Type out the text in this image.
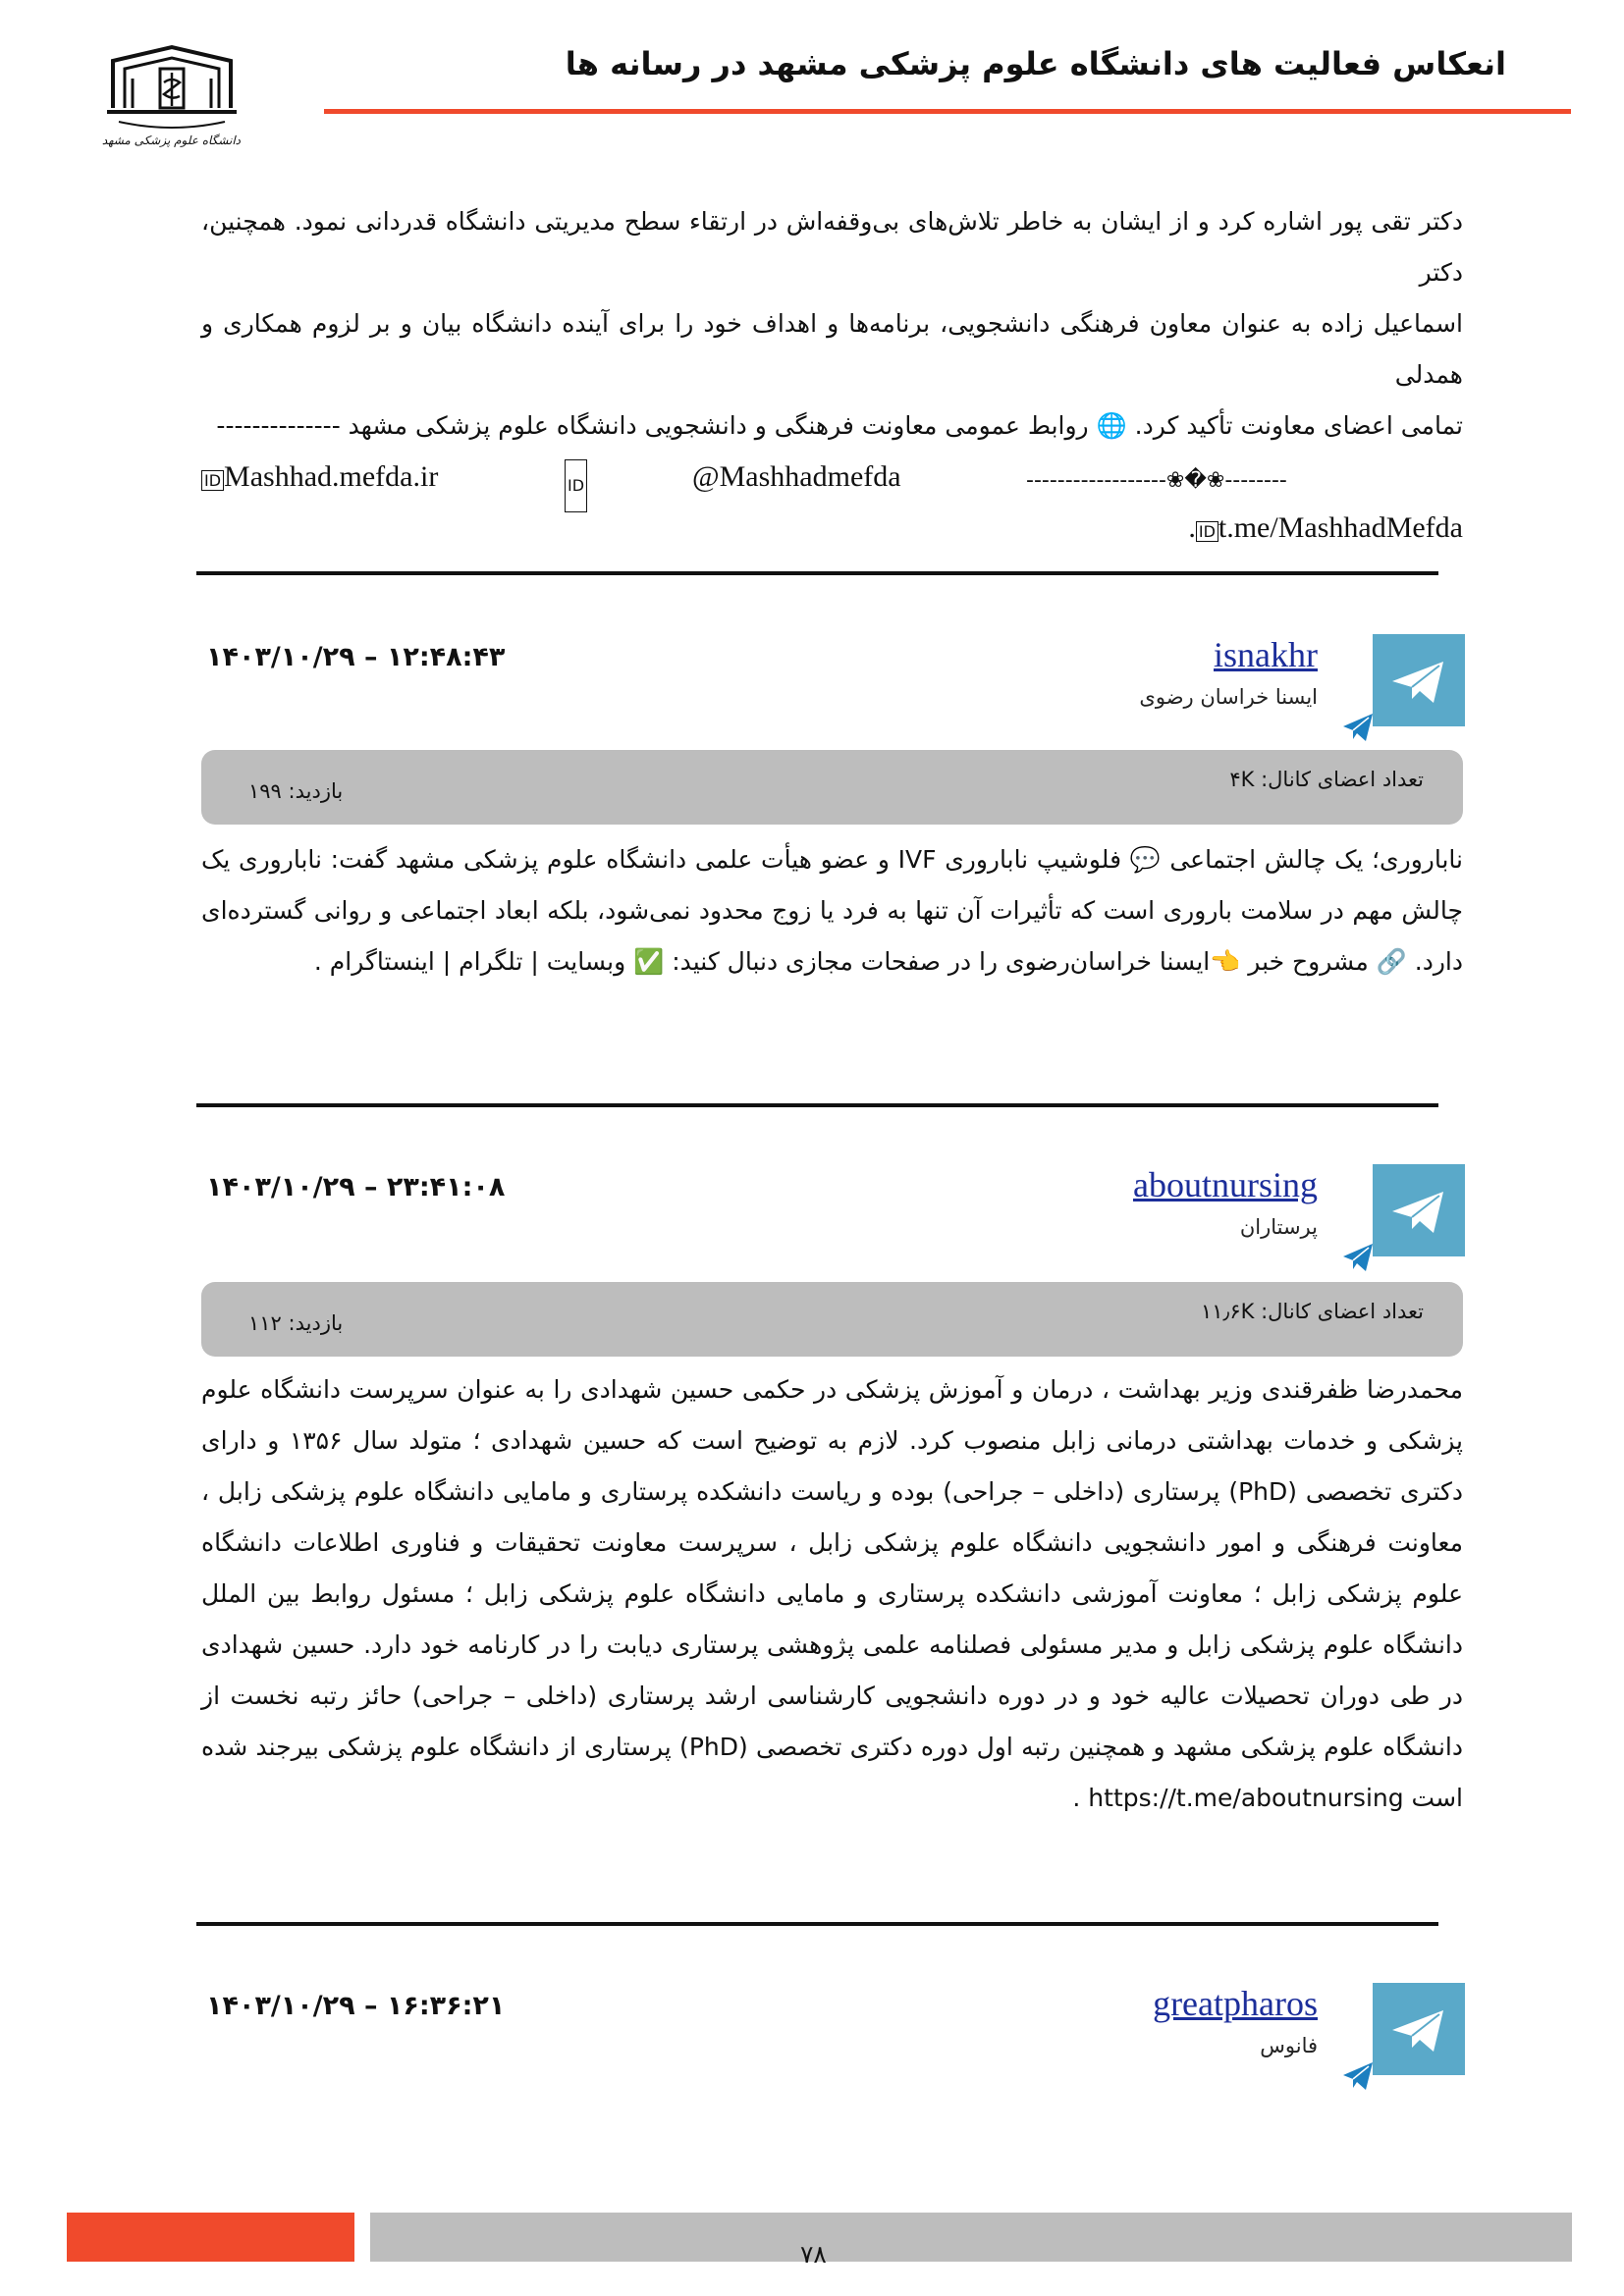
انعکاس فعالیت های دانشگاه علوم پزشکی مشهد در رسانه ها
دانشگاه علوم پزشکی مشهد
دکتر تقی پور اشاره کرد و از ایشان به خاطر تلاش‌های بی‌وقفه‌اش در ارتقاء سطح مدیریتی دانشگاه قدردانی نمود. همچنین، دکتر
اسماعیل زاده به عنوان معاون فرهنگی دانشجویی، برنامه‌ها و اهداف خود را برای آینده دانشگاه بیان و بر لزوم همکاری و همدلی
تمامی اعضای معاونت تأکید کرد. 🌐 روابط عمومی معاونت فرهنگی و دانشجویی دانشگاه علوم پزشکی مشهد --------------
ID Mashhad.mefda.ir	ID	@Mashhadmefda	------------------❀�❀--------
. ID t.me/MashhadMefda
isnakhr
ایسنا خراسان رضوی
۱۴۰۳/۱۰/۲۹ – ۱۲:۴۸:۴۳
تعداد اعضای کانال: ۴K
بازدید: ۱۹۹
ناباروری؛ یک چالش اجتماعی 💬 فلوشیپ ناباروری IVF و عضو هیأت علمی دانشگاه علوم پزشکی مشهد گفت: ناباروری یک چالش مهم در سلامت باروری است که تأثیرات آن تنها به فرد یا زوج محدود نمی‌شود، بلکه ابعاد اجتماعی و روانی گسترده‌ای دارد. 🔗 مشروح خبر 👈ایسنا خراسان‌رضوی را در صفحات مجازی دنبال کنید: ✅ وبسایت | تلگرام | اینستاگرام .
aboutnursing
پرستاران
۱۴۰۳/۱۰/۲۹ – ۲۳:۴۱:۰۸
تعداد اعضای کانال: ۱۱٫۶K
بازدید: ۱۱۲
محمدرضا ظفرقندی وزیر بهداشت ، درمان و آموزش پزشکی در حکمی حسین شهدادی را به عنوان سرپرست دانشگاه علوم پزشکی و خدمات بهداشتی درمانی زابل منصوب کرد. لازم به توضیح است که حسین شهدادی ؛ متولد سال ۱۳۵۶ و دارای دکتری تخصصی (PhD) پرستاری (داخلی – جراحی) بوده و ریاست دانشکده پرستاری و مامایی دانشگاه علوم پزشکی زابل ، معاونت فرهنگی و امور دانشجویی دانشگاه علوم پزشکی زابل ، سرپرست معاونت تحقیقات و فناوری اطلاعات دانشگاه علوم پزشکی زابل ؛ معاونت آموزشی دانشکده پرستاری و مامایی دانشگاه علوم پزشکی زابل ؛ مسئول روابط بین الملل دانشگاه علوم پزشکی زابل و مدیر مسئولی فصلنامه علمی پژوهشی پرستاری دیابت را در کارنامه خود دارد. حسین شهدادی در طی دوران تحصیلات عالیه خود و در دوره دانشجویی کارشناسی ارشد پرستاری (داخلی – جراحی) حائز رتبه نخست از دانشگاه علوم پزشکی مشهد و همچنین رتبه اول دوره دکتری تخصصی (PhD) پرستاری از دانشگاه علوم پزشکی بیرجند شده است https://t.me/aboutnursing .
greatpharos
فانوس
۱۴۰۳/۱۰/۲۹ – ۱۶:۳۶:۲۱
۷۸
